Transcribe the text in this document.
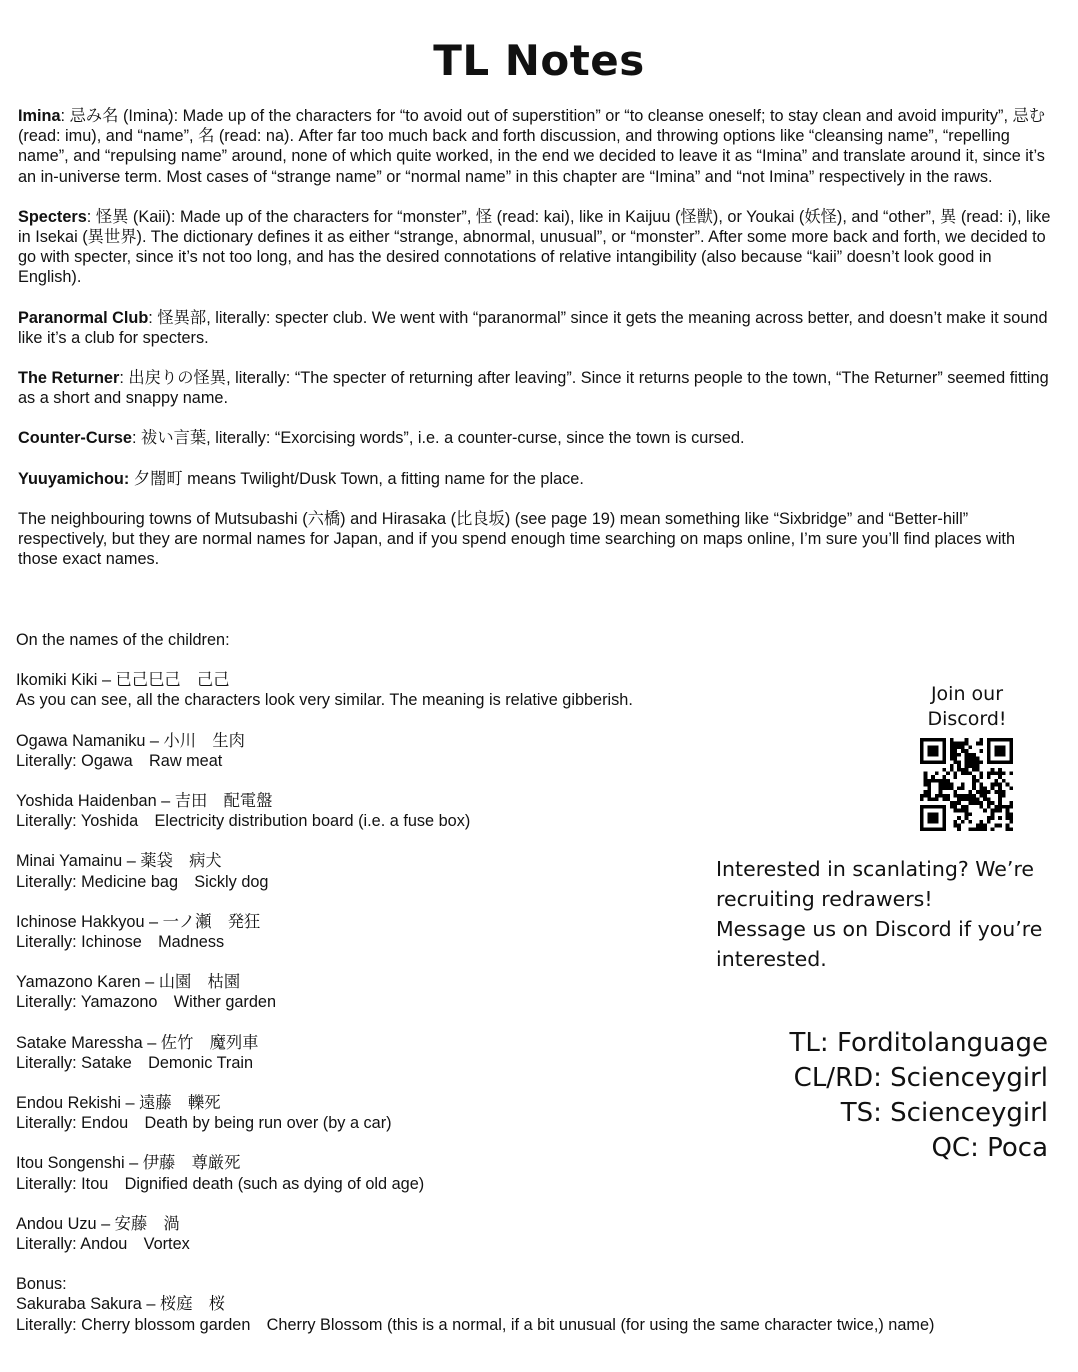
TL Notes

Imina: 忌み名 (Imina): Made up of the characters for “to avoid out of superstition” or “to cleanse oneself; to stay clean and avoid impurity”, 忌む (read: imu), and “name”, 名 (read: na). After far too much back and forth discussion, and throwing options like “cleansing name”, “repelling name”, and “repulsing name” around, none of which quite worked, in the end we decided to leave it as “Imina” and translate around it, since it’s an in-universe term. Most cases of “strange name” or “normal name” in this chapter are “Imina” and “not Imina” respectively in the raws.

Specters: 怪異 (Kaii): Made up of the characters for “monster”, 怪 (read: kai), like in Kaijuu (怪獣), or Youkai (妖怪), and “other”, 異 (read: i), like in Isekai (異世界). The dictionary defines it as either “strange, abnormal, unusual”, or “monster”. After some more back and forth, we decided to go with specter, since it’s not too long, and has the desired connotations of relative intangibility (also because “kaii” doesn’t look good in English).

Paranormal Club: 怪異部, literally: specter club. We went with “paranormal” since it gets the meaning across better, and doesn’t make it sound like it’s a club for specters.

The Returner: 出戻りの怪異, literally: “The specter of returning after leaving”. Since it returns people to the town, “The Returner” seemed fitting as a short and snappy name.

Counter-Curse: 祓い言葉, literally: “Exorcising words”, i.e. a counter-curse, since the town is cursed.

Yuuyamichou: 夕闇町 means Twilight/Dusk Town, a fitting name for the place.

The neighbouring towns of Mutsubashi (六橋) and Hirasaka (比良坂) (see page 19) mean something like “Sixbridge” and “Better-hill” respectively, but they are normal names for Japan, and if you spend enough time searching on maps online, I’m sure you’ll find places with those exact names.

On the names of the children:
Ikomiki Kiki – 已己巳己　己己
As you can see, all the characters look very similar. The meaning is relative gibberish.
Ogawa Namaniku – 小川　生肉
Literally: Ogawa　Raw meat
Yoshida Haidenban – 吉田　配電盤
Literally: Yoshida　Electricity distribution board (i.e. a fuse box)
Minai Yamainu – 薬袋　病犬
Literally: Medicine bag　Sickly dog
Ichinose Hakkyou – 一ノ瀬　発狂
Literally: Ichinose　Madness
Yamazono Karen – 山園　枯園
Literally: Yamazono　Wither garden
Satake Maressha – 佐竹　魔列車
Literally: Satake　Demonic Train
Endou Rekishi – 遠藤　轢死
Literally: Endou　Death by being run over (by a car)
Itou Songenshi – 伊藤　尊厳死
Literally: Itou　Dignified death (such as dying of old age)
Andou Uzu – 安藤　渦
Literally: Andou　Vortex
Bonus:
Sakuraba Sakura – 桜庭　桜
Literally: Cherry blossom garden　Cherry Blossom (this is a normal, if a bit unusual (for using the same character twice,) name)
Join our
Discord!
Interested in scanlating? We’re
recruiting redrawers!
Message us on Discord if you’re
interested.
TL: Forditolanguage
CL/RD: Scienceygirl
TS: Scienceygirl
QC: Poca
